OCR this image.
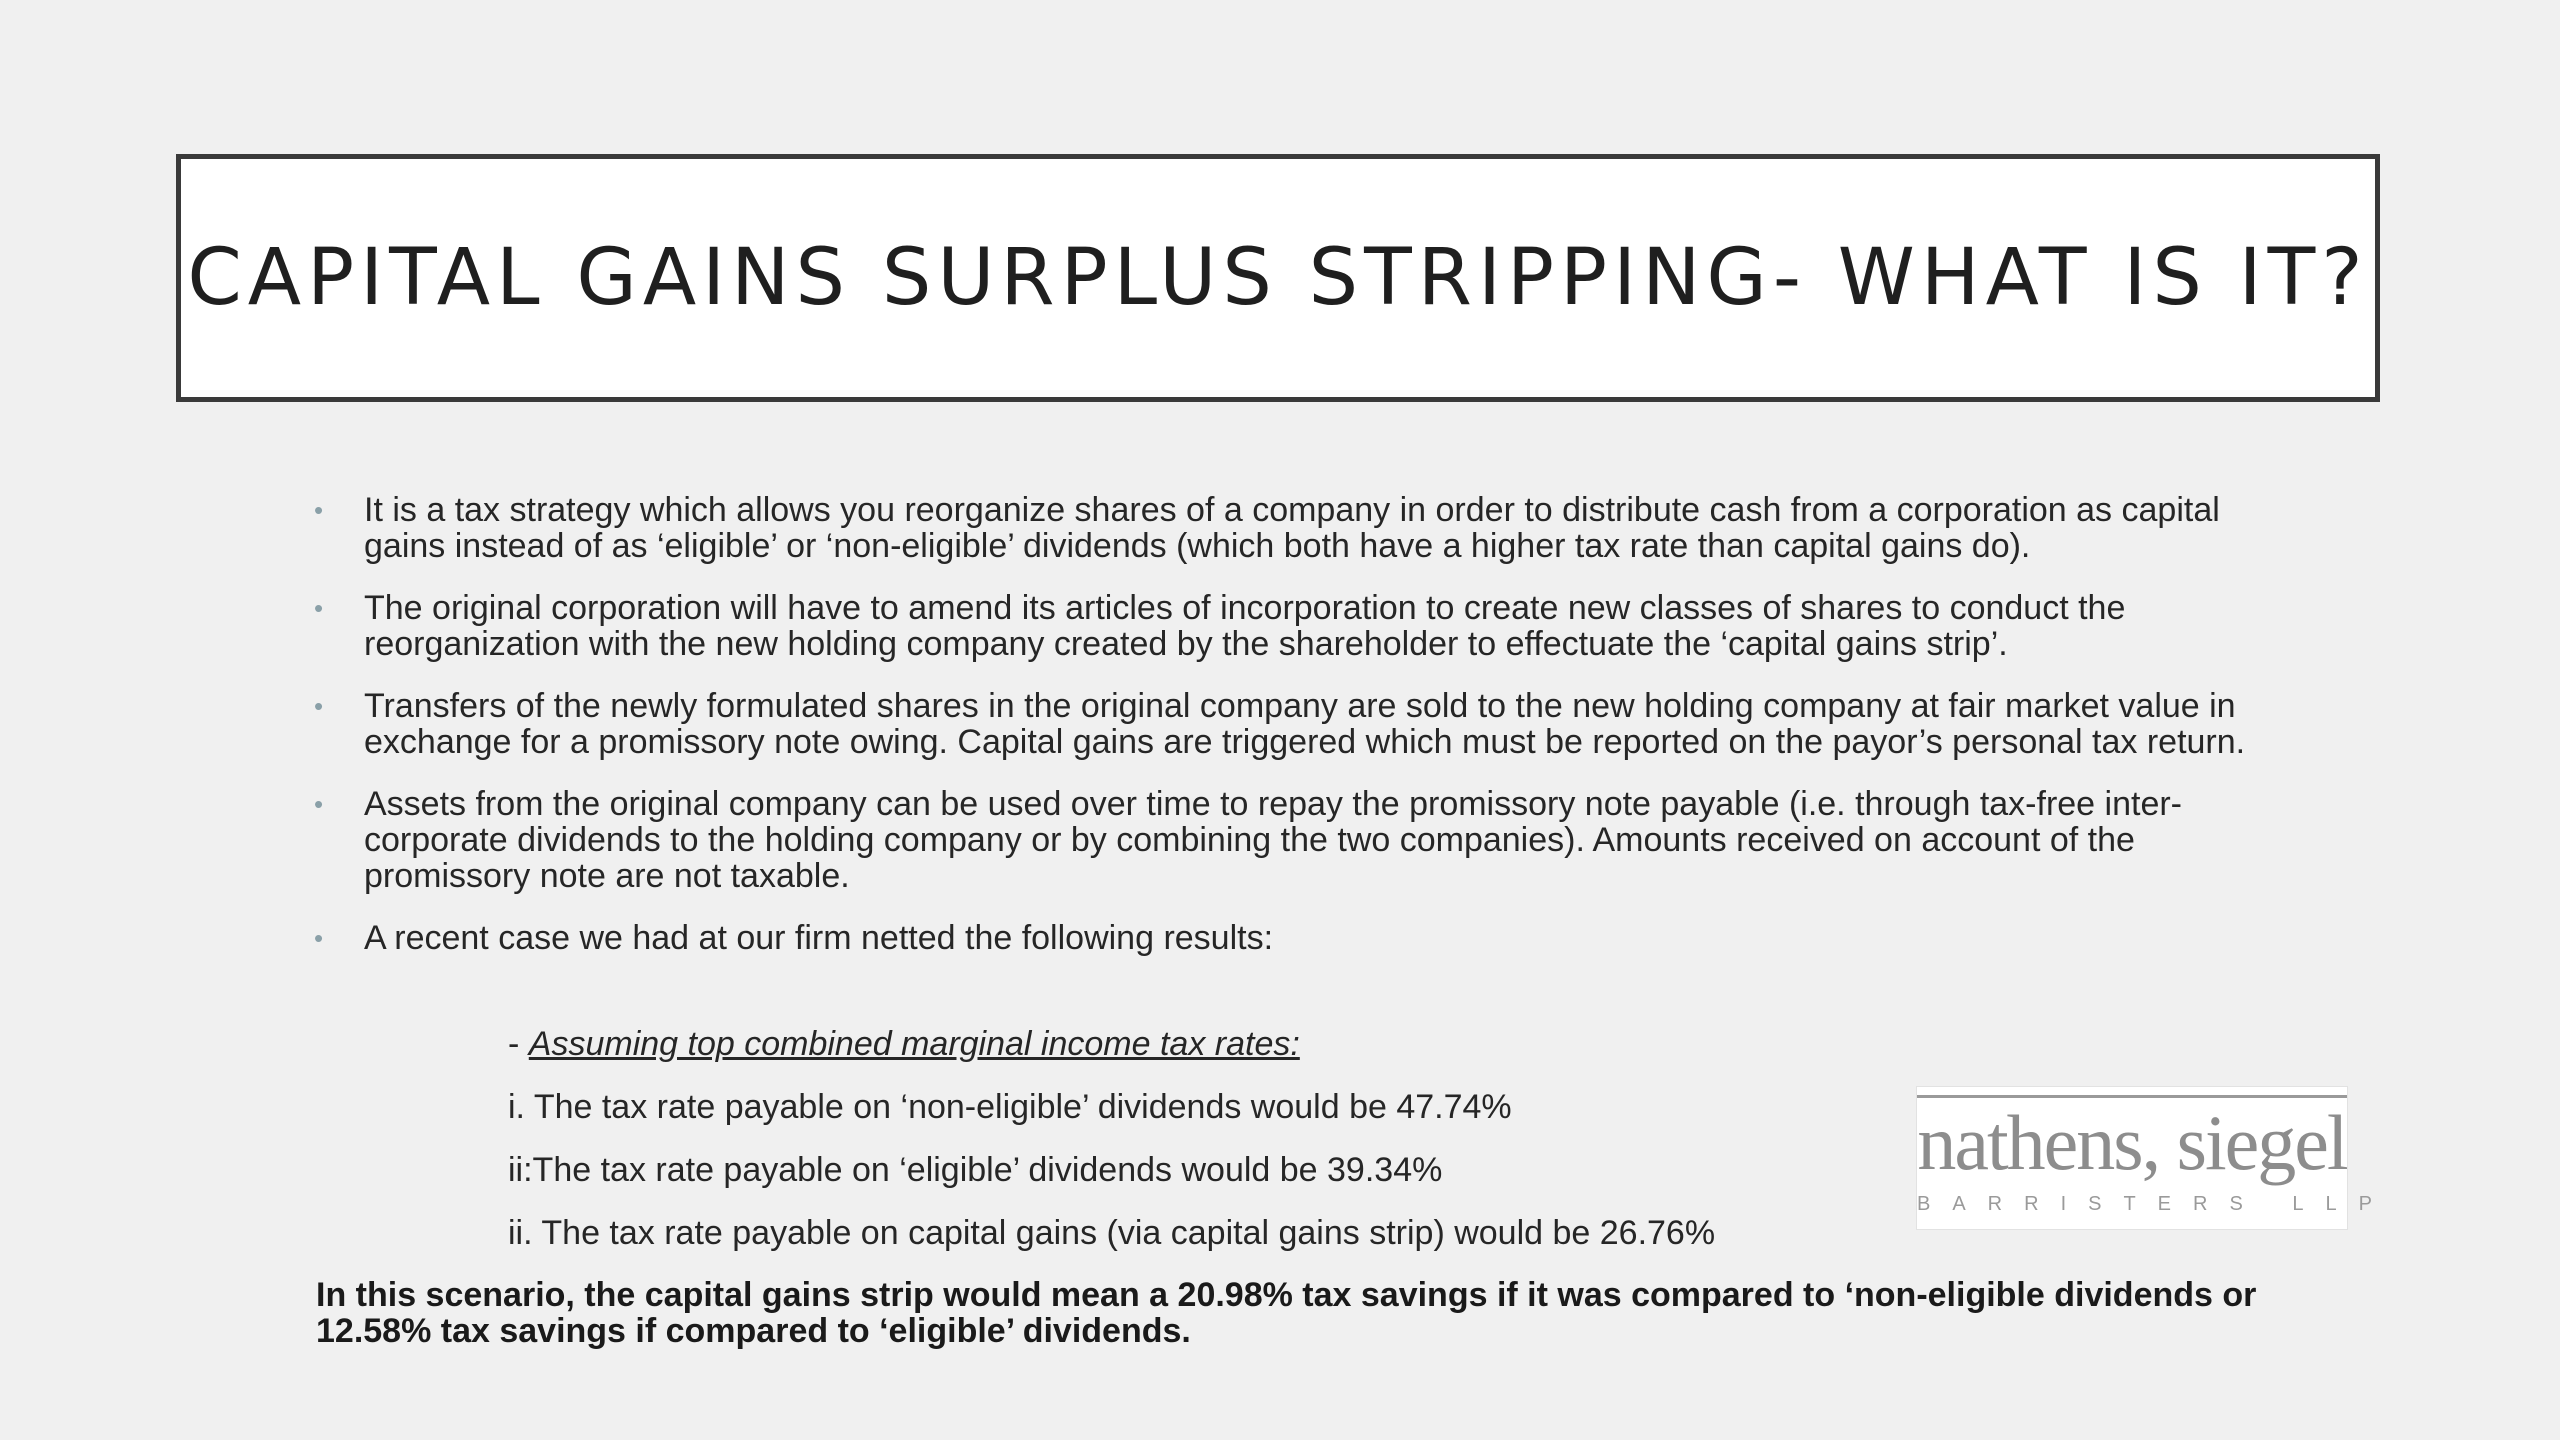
CAPITAL GAINS SURPLUS STRIPPING- WHAT IS IT?
• It is a tax strategy which allows you reorganize shares of a company in order to distribute cash from a corporation as capital gains instead of as ‘eligible’ or ‘non-eligible’ dividends (which both have a higher tax rate than capital gains do).
• The original corporation will have to amend its articles of incorporation to create new classes of shares to conduct the reorganization with the new holding company created by the shareholder to effectuate the ‘capital gains strip’.
• Transfers of the newly formulated shares in the original company are sold to the new holding company at fair market value in exchange for a promissory note owing. Capital gains are triggered which must be reported on the payor’s personal tax return.
• Assets from the original company can be used over time to repay the promissory note payable (i.e. through tax-free inter-corporate dividends to the holding company or by combining the two companies). Amounts received on account of the promissory note are not taxable.
• A recent case we had at our firm netted the following results:
- Assuming top combined marginal income tax rates:
i. The tax rate payable on ‘non-eligible’ dividends would be 47.74%
ii:The tax rate payable on ‘eligible’ dividends would be 39.34%
ii. The tax rate payable on capital gains (via capital gains strip) would be 26.76%
In this scenario, the capital gains strip would mean a 20.98% tax savings if it was compared to ‘non-eligible dividends or 12.58% tax savings if compared to ‘eligible’ dividends.
nathens, siegel
BARRISTERS LLP
